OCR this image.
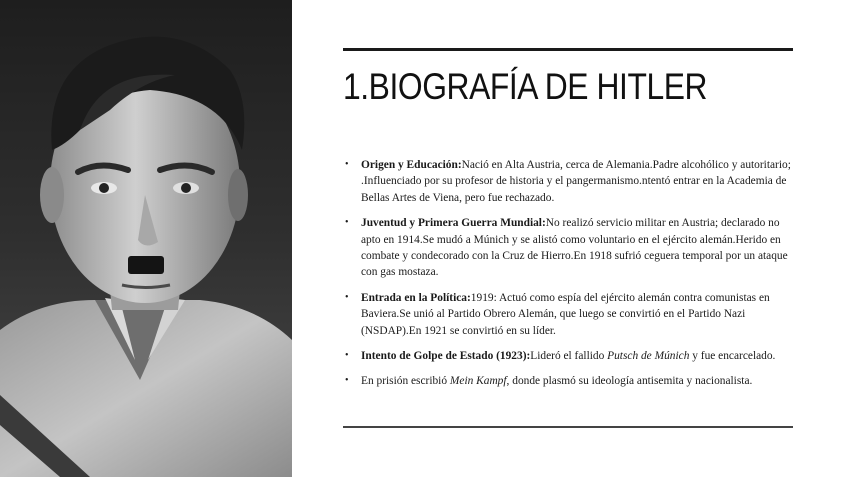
1.BIOGRAFÍA DE HITLER
• Origen y Educación:Nació en Alta Austria, cerca de Alemania.Padre alcohólico y autoritario; .Influenciado por su profesor de historia y el pangermanismo.ntentó entrar en la Academia de Bellas Artes de Viena, pero fue rechazado.
• Juventud y Primera Guerra Mundial:No realizó servicio militar en Austria; declarado no apto en 1914.Se mudó a Múnich y se alistó como voluntario en el ejército alemán.Herido en combate y condecorado con la Cruz de Hierro.En 1918 sufrió ceguera temporal por un ataque con gas mostaza.
• Entrada en la Política:1919: Actuó como espía del ejército alemán contra comunistas en Baviera.Se unió al Partido Obrero Alemán, que luego se convirtió en el Partido Nazi (NSDAP).En 1921 se convirtió en su líder.
• Intento de Golpe de Estado (1923):Lideró el fallido Putsch de Múnich y fue encarcelado.
• En prisión escribió Mein Kampf, donde plasmó su ideología antisemita y nacionalista.
